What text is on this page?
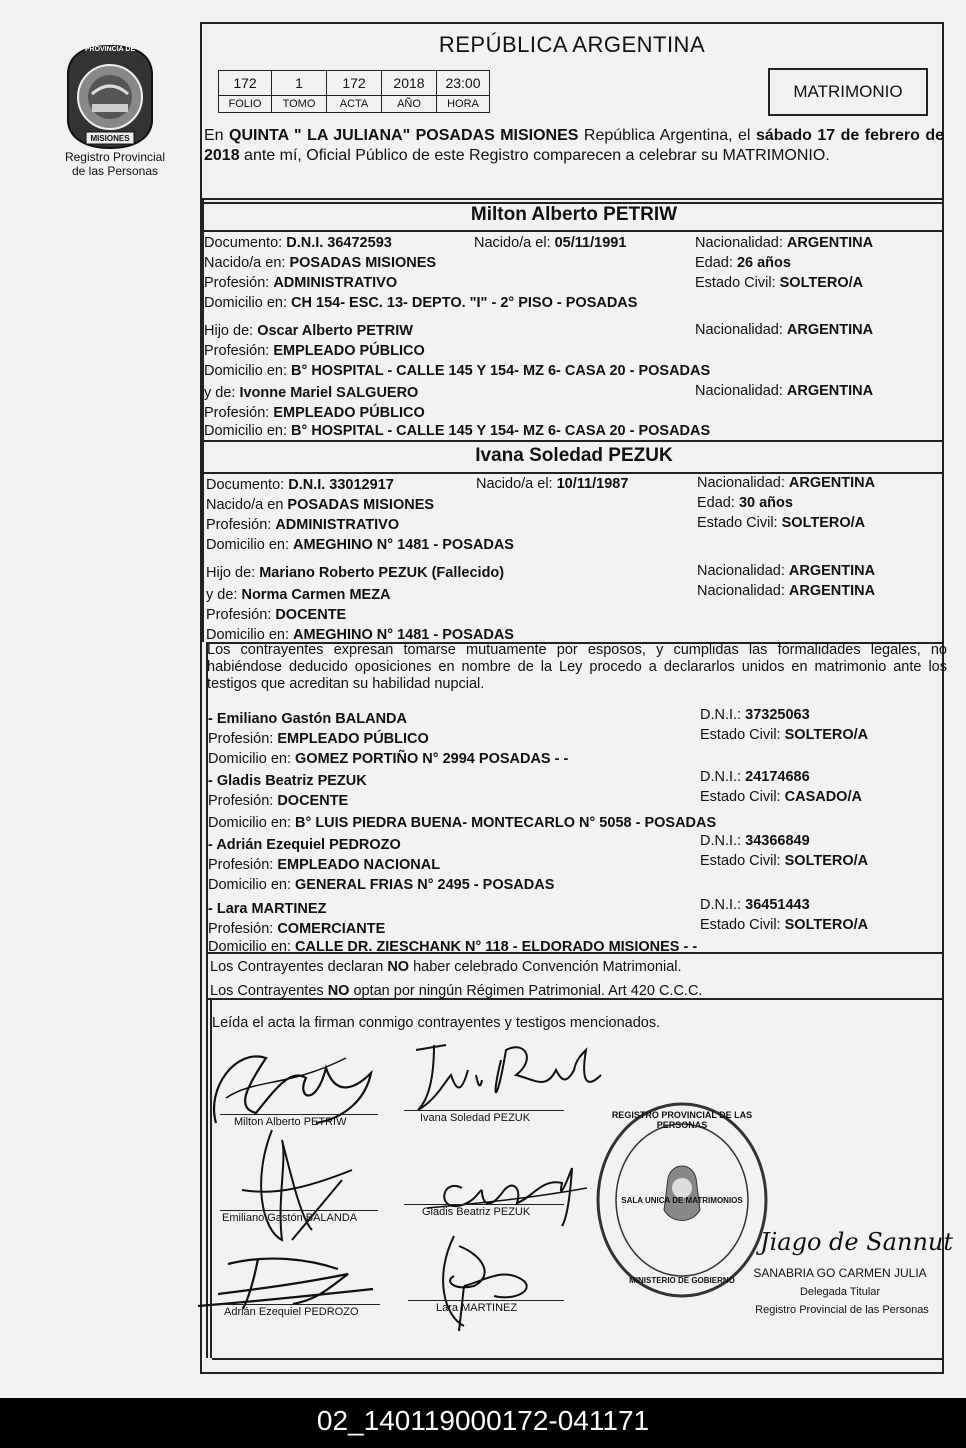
PROVINCIA DE
MISIONES
Registro Provincial
de las Personas
REPÚBLICA ARGENTINA
172	1	172	2018	23:00
FOLIO	TOMO	ACTA	AÑO	HORA
MATRIMONIO
En QUINTA " LA JULIANA" POSADAS MISIONES República Argentina, el sábado 17 de febrero de 2018 ante mí, Oficial Público de este Registro comparecen a celebrar su MATRIMONIO.
Milton Alberto PETRIW
Documento: D.N.I. 36472593	Nacido/a el: 05/11/1991	Nacionalidad: ARGENTINA
Nacido/a en: POSADAS MISIONES	Edad: 26 años
Profesión: ADMINISTRATIVO	Estado Civil: SOLTERO/A
Domicilio en: CH 154- ESC. 13- DEPTO. "I" - 2° PISO - POSADAS
Hijo de: Oscar Alberto PETRIW	Nacionalidad: ARGENTINA
Profesión: EMPLEADO PÚBLICO
Domicilio en: B° HOSPITAL - CALLE 145 Y 154- MZ 6- CASA 20 - POSADAS
y de: Ivonne Mariel SALGUERO	Nacionalidad: ARGENTINA
Profesión: EMPLEADO PÚBLICO
Domicilio en: B° HOSPITAL - CALLE 145 Y 154- MZ 6- CASA 20 - POSADAS
Ivana Soledad PEZUK
Documento: D.N.I. 33012917	Nacido/a el: 10/11/1987	Nacionalidad: ARGENTINA
Nacido/a en POSADAS MISIONES	Edad: 30 años
Profesión: ADMINISTRATIVO	Estado Civil: SOLTERO/A
Domicilio en: AMEGHINO N° 1481 - POSADAS
Hijo de: Mariano Roberto PEZUK (Fallecido)	Nacionalidad: ARGENTINA
y de: Norma Carmen MEZA	Nacionalidad: ARGENTINA
Profesión: DOCENTE
Domicilio en: AMEGHINO N° 1481 - POSADAS
Los contrayentes expresan tomarse mutuamente por esposos, y cumplidas las formalidades legales, no habiéndose deducido oposiciones en nombre de la Ley procedo a declararlos unidos en matrimonio ante los testigos que acreditan su habilidad nupcial.
- Emiliano Gastón BALANDA	D.N.I.: 37325063
Profesión: EMPLEADO PÚBLICO	Estado Civil: SOLTERO/A
Domicilio en: GOMEZ PORTIÑO N° 2994 POSADAS - -
- Gladis Beatriz PEZUK	D.N.I.: 24174686
Profesión: DOCENTE	Estado Civil: CASADO/A
Domicilio en: B° LUIS PIEDRA BUENA- MONTECARLO N° 5058 - POSADAS
- Adrián Ezequiel PEDROZO	D.N.I.: 34366849
Profesión: EMPLEADO NACIONAL	Estado Civil: SOLTERO/A
Domicilio en: GENERAL FRIAS N° 2495 - POSADAS
- Lara MARTINEZ	D.N.I.: 36451443
Profesión: COMERCIANTE	Estado Civil: SOLTERO/A
Domicilio en: CALLE DR. ZIESCHANK N° 118 - ELDORADO MISIONES - -
Los Contrayentes declaran NO haber celebrado Convención Matrimonial.
Los Contrayentes NO optan por ningún Régimen Patrimonial. Art 420 C.C.C.
Leída el acta la firman conmigo contrayentes y testigos mencionados.
Milton Alberto PETRIW	Ivana Soledad PEZUK
Emiliano Gastón BALANDA	Gladis Beatriz PEZUK
Adrián Ezequiel PEDROZO	Lara MARTINEZ
REGISTRO PROVINCIAL DE LAS PERSONAS
SALA UNICA DE MATRIMONIOS
MINISTERIO DE GOBIERNO
Jiago de Sannut
SANABRIA GO CARMEN JULIA
Delegada Titular
Registro Provincial de las Personas
02_140119000172-041171
